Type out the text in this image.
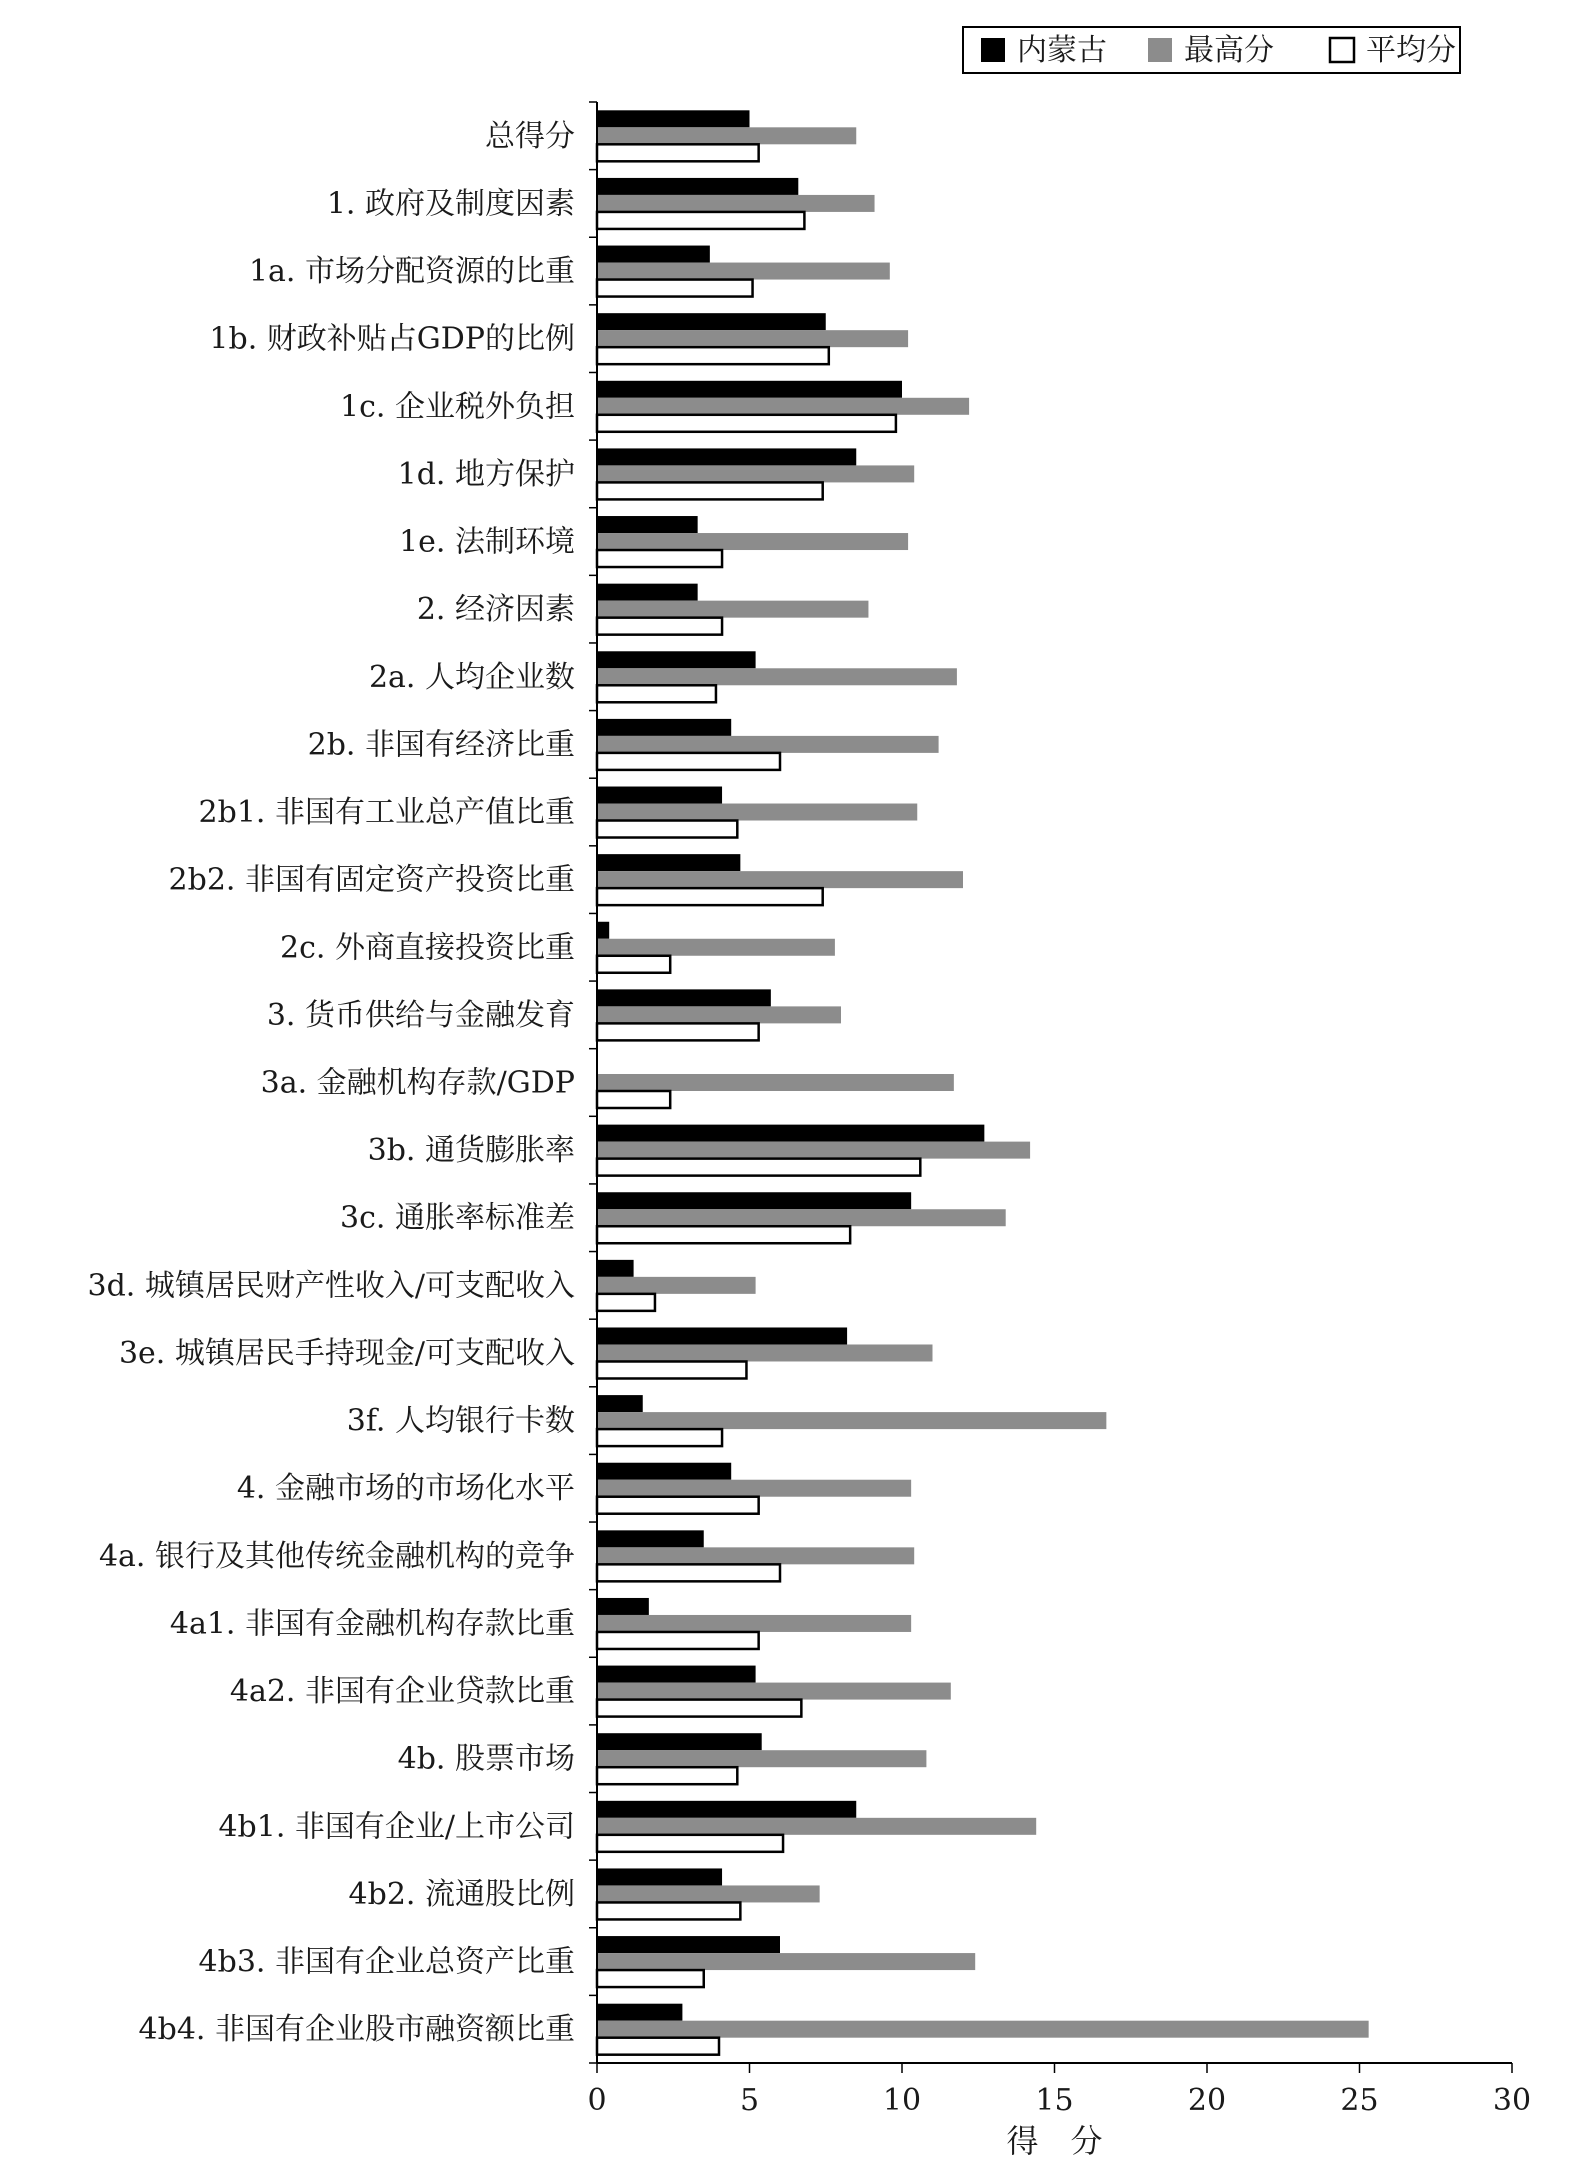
内蒙古	最高分	平均分
总得分
1. 政府及制度因素
1a. 市场分配资源的比重
1b. 财政补贴占GDP的比例
1c. 企业税外负担
1d. 地方保护
1e. 法制环境
2. 经济因素
2a. 人均企业数
2b. 非国有经济比重
2b1. 非国有工业总产值比重
2b2. 非国有固定资产投资比重
2c. 外商直接投资比重
3. 货币供给与金融发育
3a. 金融机构存款/GDP
3b. 通货膨胀率
3c. 通胀率标准差
3d. 城镇居民财产性收入/可支配收入
3e. 城镇居民手持现金/可支配收入
3f. 人均银行卡数
4. 金融市场的市场化水平
4a. 银行及其他传统金融机构的竞争
4a1. 非国有金融机构存款比重
4a2. 非国有企业贷款比重
4b. 股票市场
4b1. 非国有企业/上市公司
4b2. 流通股比例
4b3. 非国有企业总资产比重
4b4. 非国有企业股市融资额比重
0	5	10	15	20	25	30
得　分
